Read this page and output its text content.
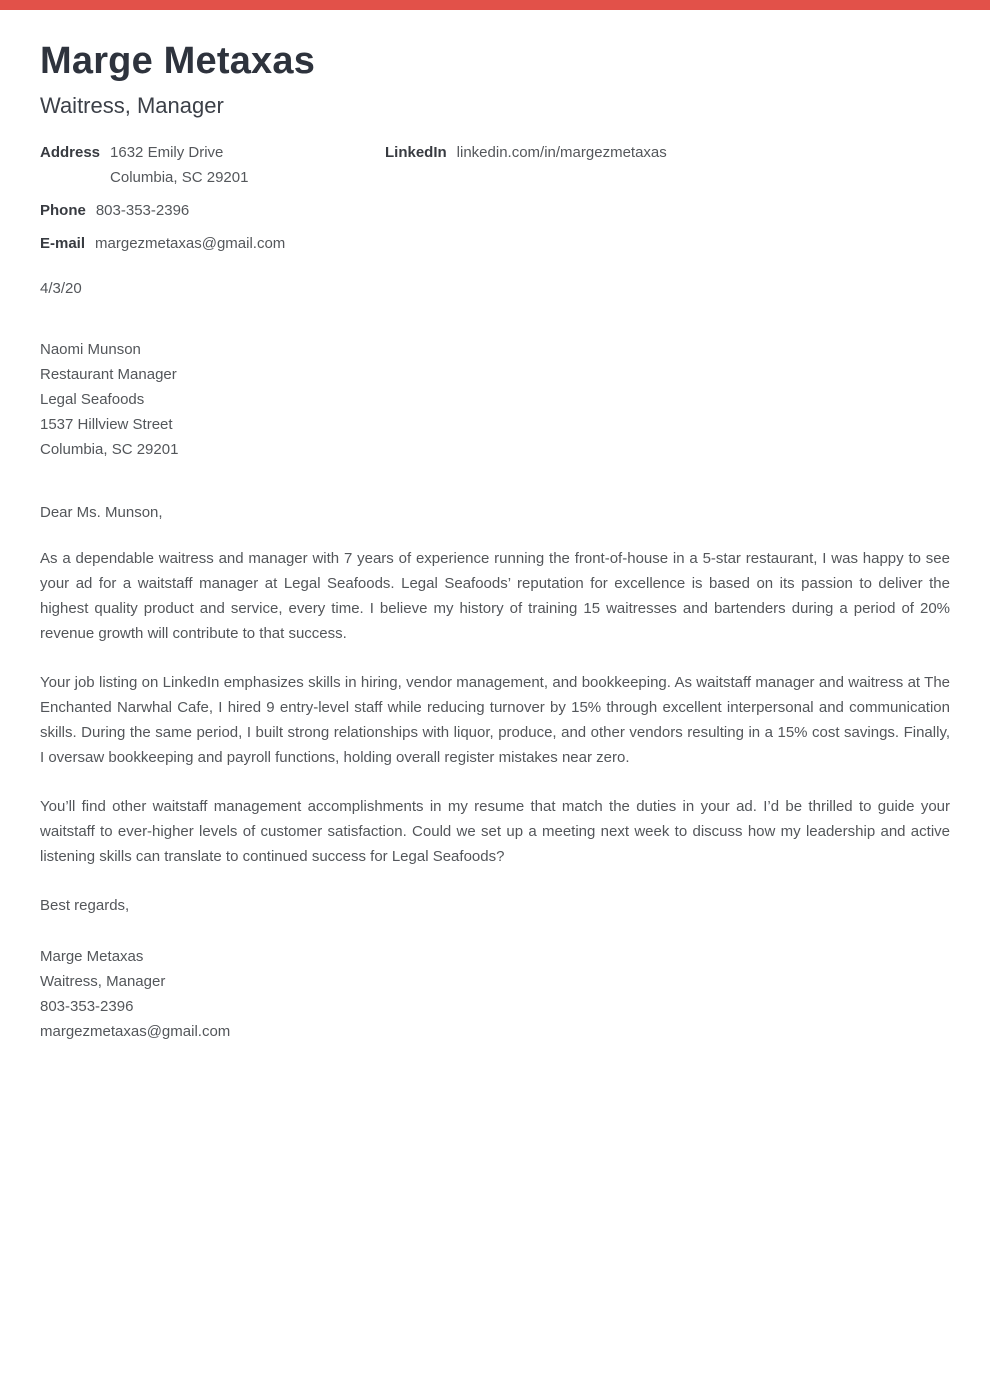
Marge Metaxas
Waitress, Manager
Address 1632 Emily Drive
Columbia, SC 29201
Phone 803-353-2396
E-mail margezmetaxas@gmail.com
LinkedIn linkedin.com/in/margezmetaxas
4/3/20
Naomi Munson
Restaurant Manager
Legal Seafoods
1537 Hillview Street
Columbia, SC 29201
Dear Ms. Munson,

As a dependable waitress and manager with 7 years of experience running the front-of-house in a 5-star restaurant, I was happy to see your ad for a waitstaff manager at Legal Seafoods. Legal Seafoods’ reputation for excellence is based on its passion to deliver the highest quality product and service, every time. I believe my history of training 15 waitresses and bartenders during a period of 20% revenue growth will contribute to that success.

Your job listing on LinkedIn emphasizes skills in hiring, vendor management, and bookkeeping. As waitstaff manager and waitress at The Enchanted Narwhal Cafe, I hired 9 entry-level staff while reducing turnover by 15% through excellent interpersonal and communication skills. During the same period, I built strong relationships with liquor, produce, and other vendors resulting in a 15% cost savings. Finally, I oversaw bookkeeping and payroll functions, holding overall register mistakes near zero.

You’ll find other waitstaff management accomplishments in my resume that match the duties in your ad. I’d be thrilled to guide your waitstaff to ever-higher levels of customer satisfaction. Could we set up a meeting next week to discuss how my leadership and active listening skills can translate to continued success for Legal Seafoods?

Best regards,
Marge Metaxas
Waitress, Manager
803-353-2396
margezmetaxas@gmail.com
